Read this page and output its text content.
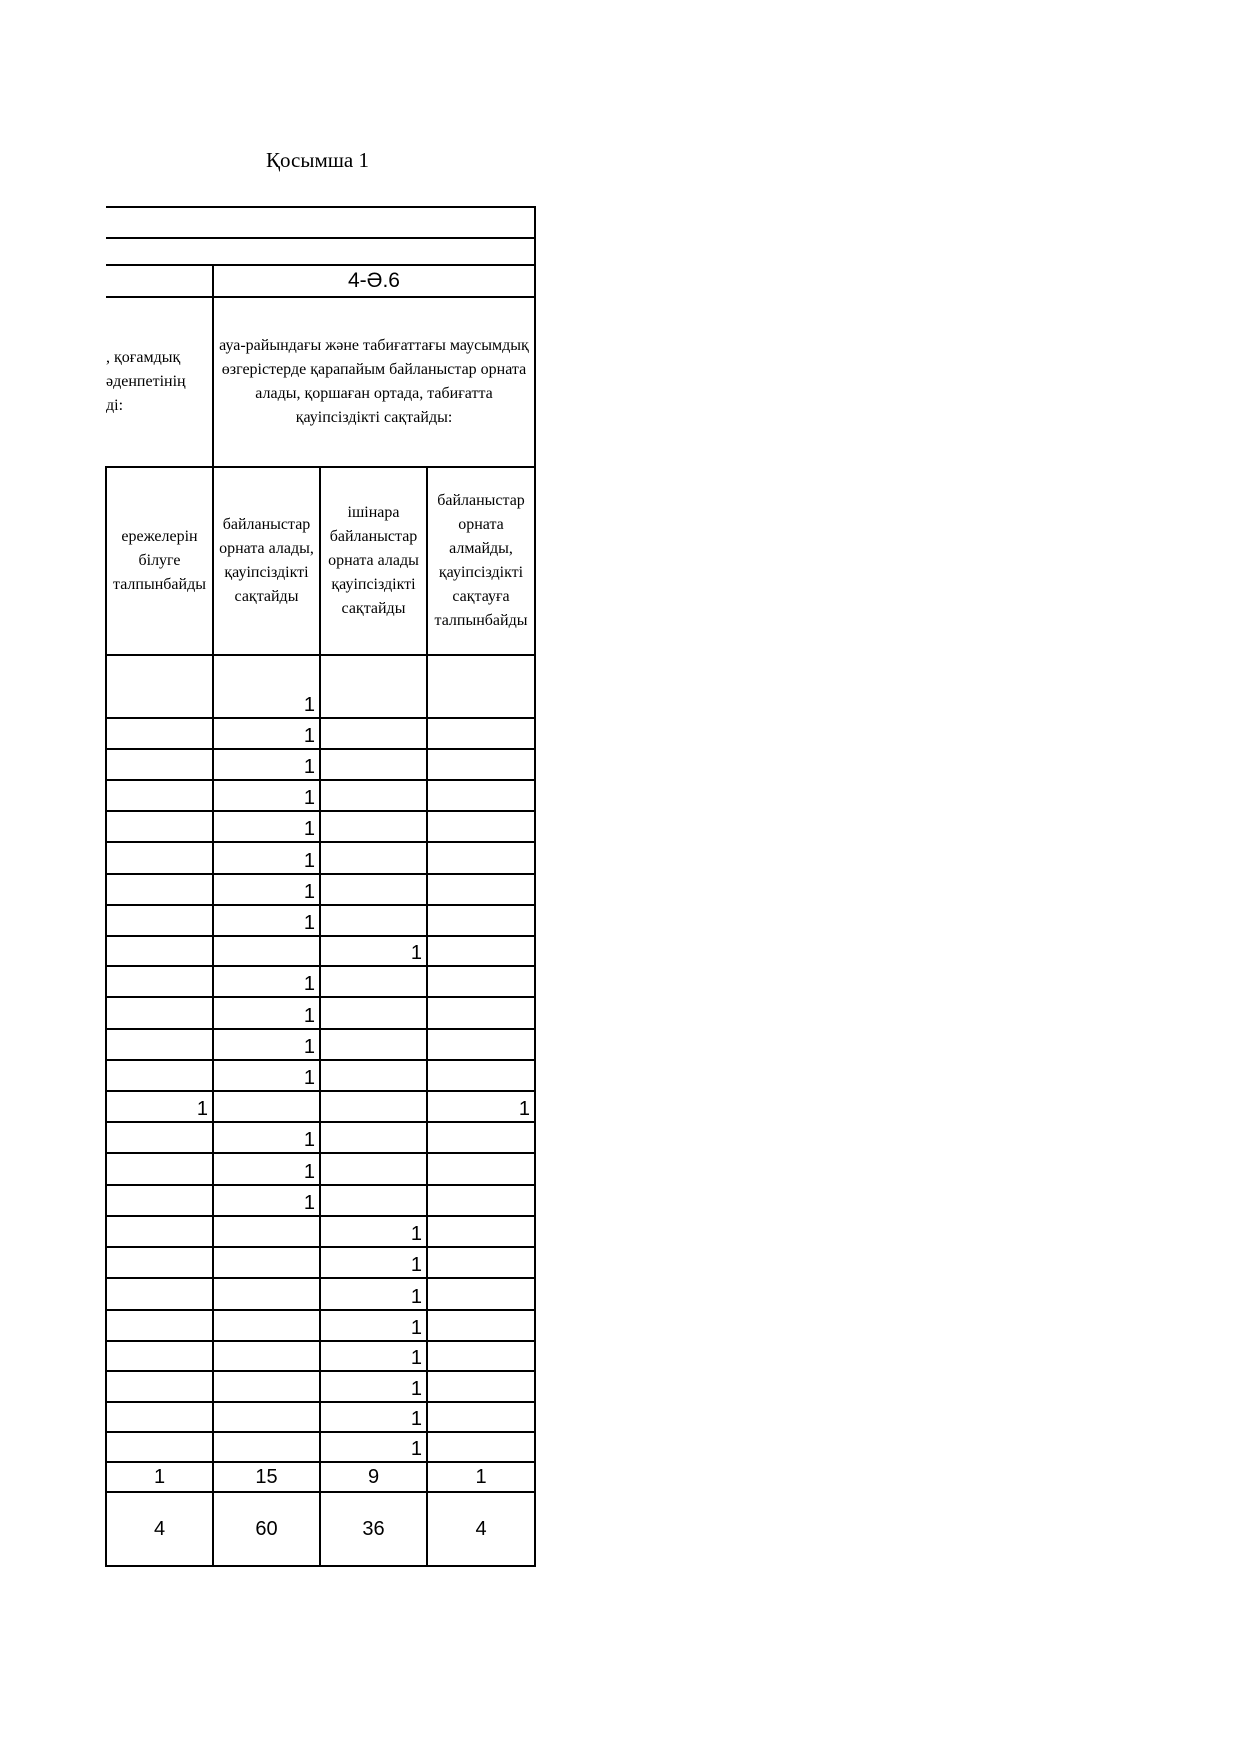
Қосымша 1

	4-Ә.6		

, қоғамдық
әденпетінің
ді:	ауа-райындағы және табиғаттағы маусымдық өзгерістерде қарапайым байланыстар орната алады, қоршаған ортада, табиғатта қауіпсіздікті сақтайды:		
ережелерін білуге талпынбайды	байланыстар орната алады, қауіпсіздікті сақтайды	ішінара байланыстар орната алады қауіпсіздікті сақтайды	байланыстар орната алмайды, қауіпсіздікті сақтауға талпынбайды
	1		
	1		
	1		
	1		
	1		
	1		
	1		
	1		
		1	
	1		
	1		
	1		
	1		
1			1
	1		
	1		
	1		
		1	
		1	
		1	
		1	
		1	
		1	
		1	
		1	
1	15	9	1
4	60	36	4
